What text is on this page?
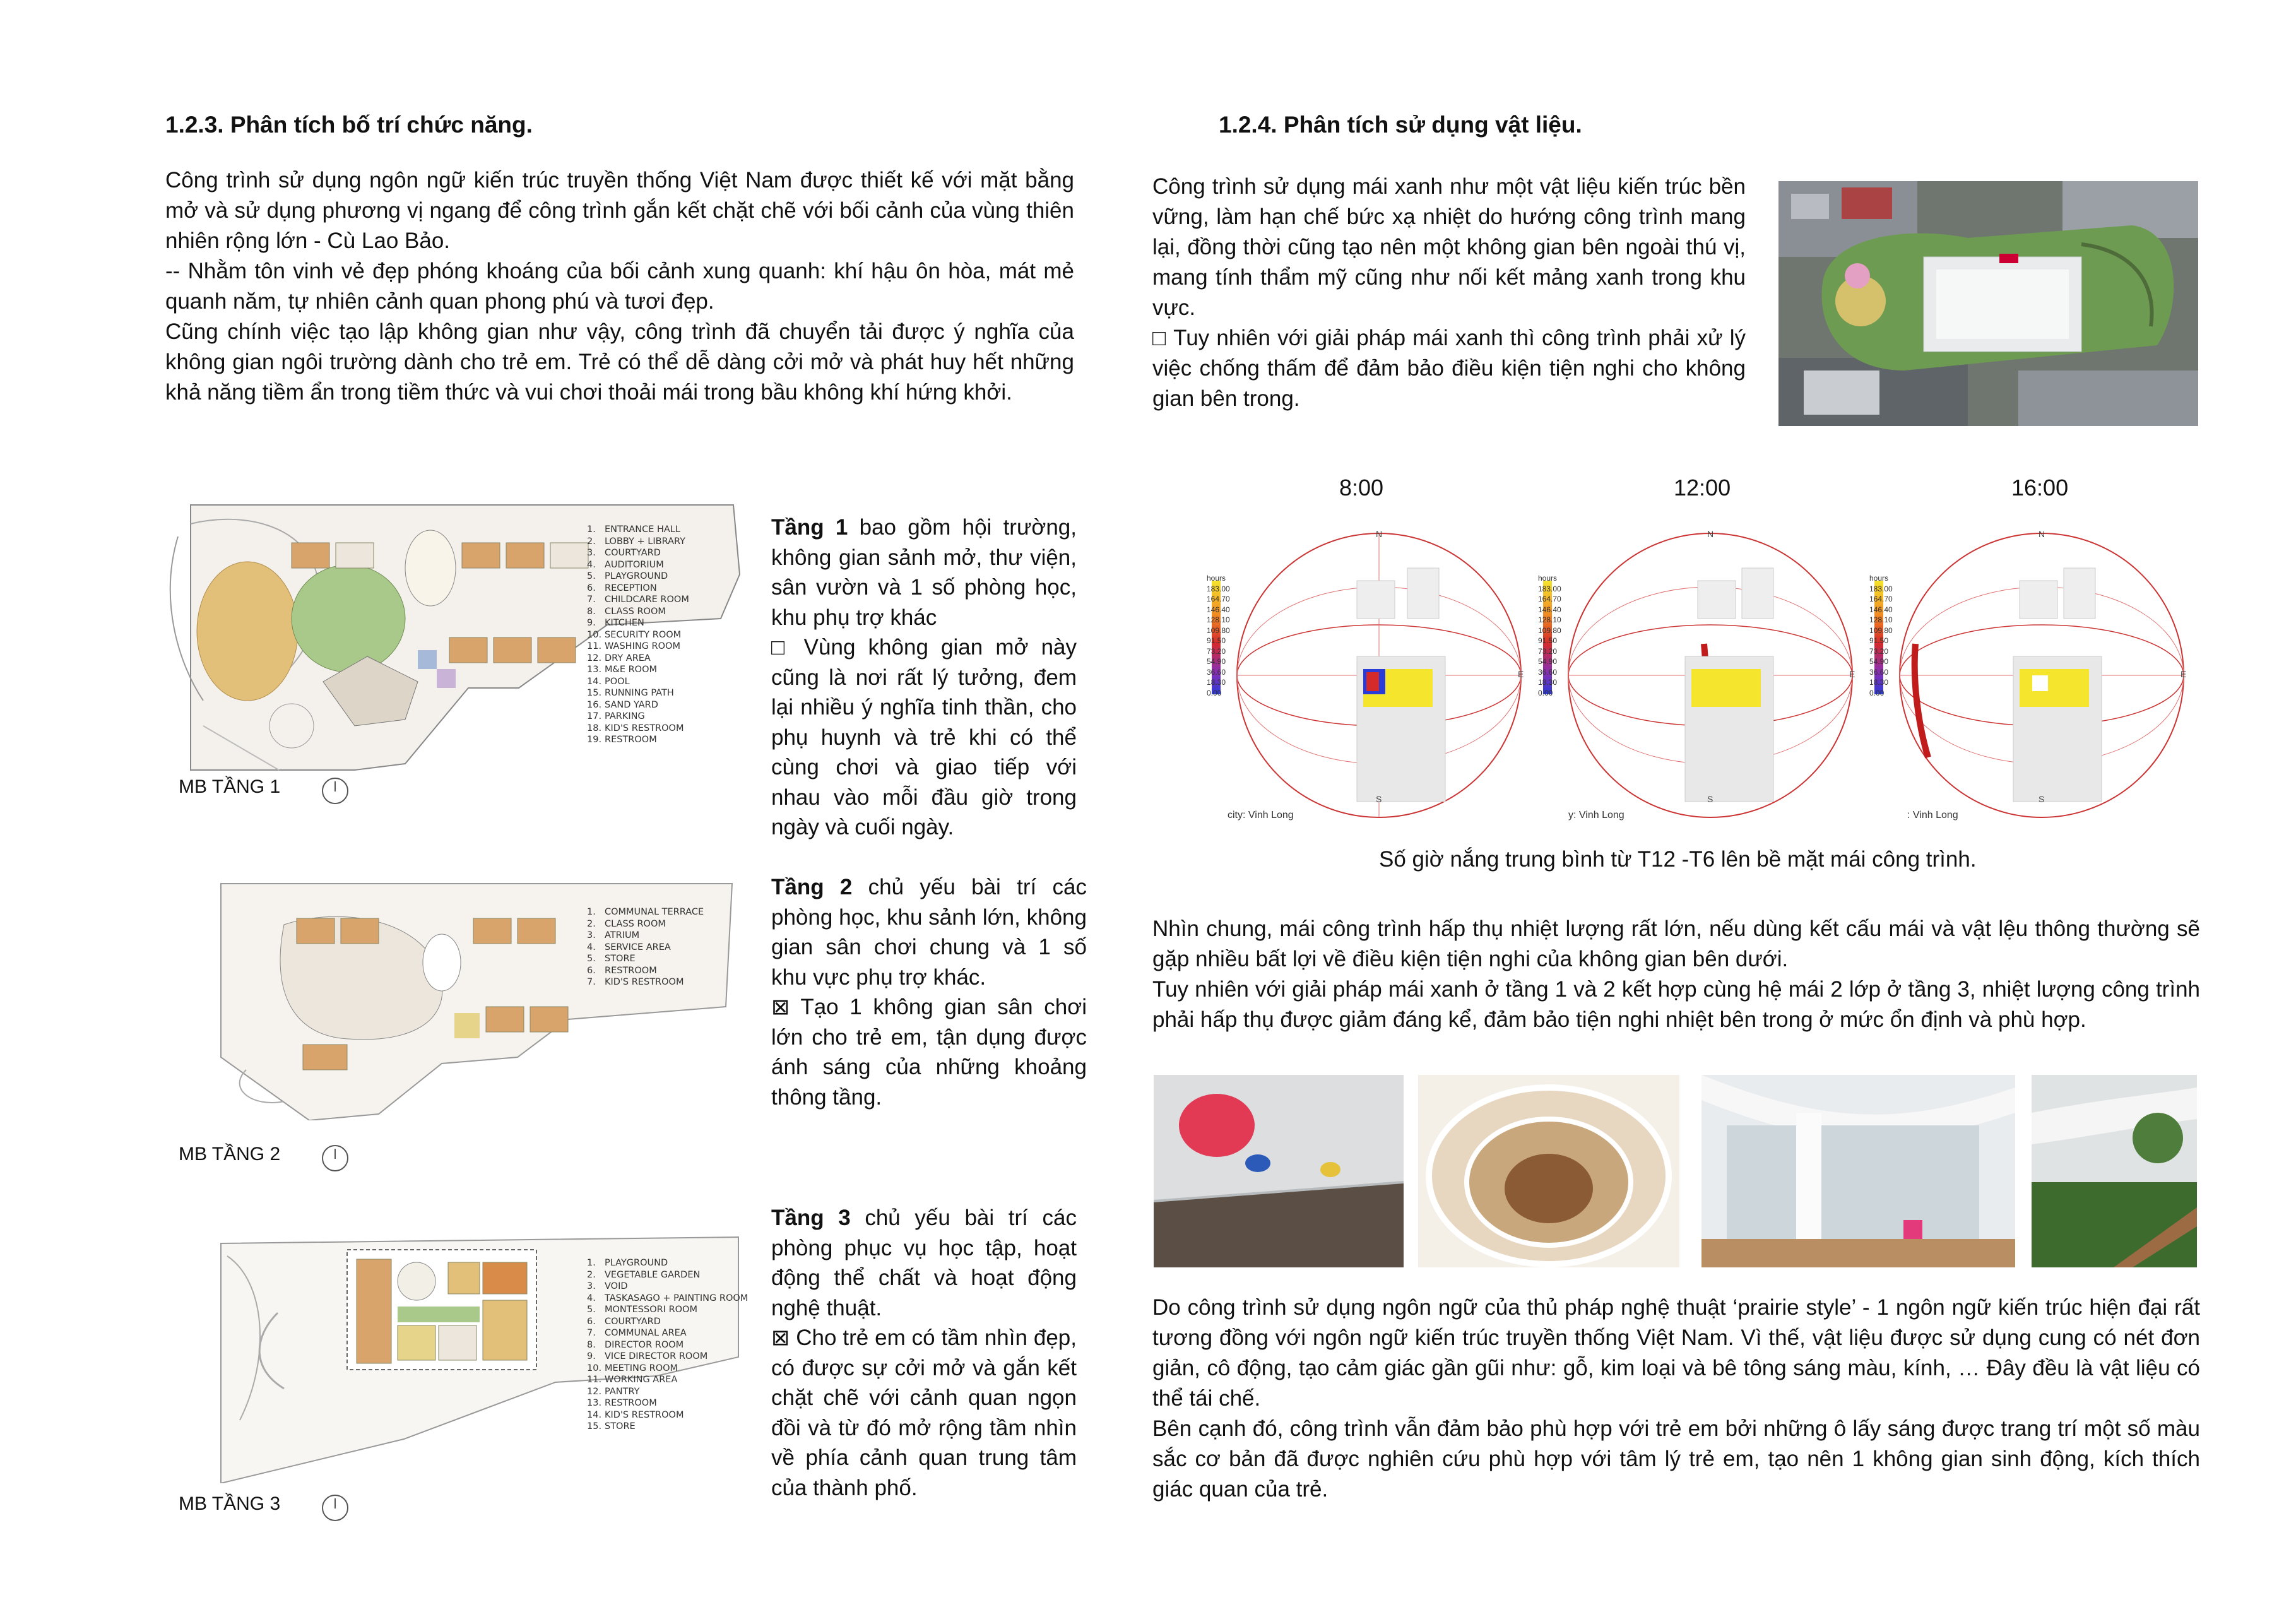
1.2.3. Phân tích bố trí chức năng.

Công trình sử dụng ngôn ngữ kiến trúc truyền thống Việt Nam được thiết kế với mặt bằng mở và sử dụng phương vị ngang để công trình gắn kết chặt chẽ với bối cảnh của vùng thiên nhiên rộng lớn - Cù Lao Bảo.

-- Nhằm tôn vinh vẻ đẹp phóng khoáng của bối cảnh xung quanh: khí hậu ôn hòa, mát mẻ quanh năm, tự nhiên cảnh quan phong phú và tươi đẹp.

Cũng chính việc tạo lập không gian như vậy, công trình đã chuyển tải được ý nghĩa của không gian ngôi trường dành cho trẻ em. Trẻ có thể dễ dàng cởi mở và phát huy hết những khả năng tiềm ẩn trong tiềm thức và vui chơi thoải mái trong bầu không khí hứng khởi.

1. ENTRANCE HALL
2. LOBBY + LIBRARY
3. COURTYARD
4. AUDITORIUM
5. PLAYGROUND
6. RECEPTION
7. CHILDCARE ROOM
8. CLASS ROOM
9. KITCHEN
10. SECURITY ROOM
11. WASHING ROOM
12. DRY AREA
13. M&E ROOM
14. POOL
15. RUNNING PATH
16. SAND YARD
17. PARKING
18. KID'S RESTROOM
19. RESTROOM
MB TẦNG 1
Tầng 1 bao gồm hội trường, không gian sảnh mở, thư viện, sân vườn và 1 số phòng học, khu phụ trợ khác
□ Vùng không gian mở này cũng là nơi rất lý tưởng, đem lại nhiều ý nghĩa tinh thần, cho phụ huynh và trẻ khi có thể cùng chơi và giao tiếp với nhau vào mỗi đầu giờ trong ngày và cuối ngày.
1. COMMUNAL TERRACE
2. CLASS ROOM
3. ATRIUM
4. SERVICE AREA
5. STORE
6. RESTROOM
7. KID'S RESTROOM
MB TẦNG 2
Tầng 2 chủ yếu bài trí các phòng học, khu sảnh lớn, không gian sân chơi chung và 1 số khu vực phụ trợ khác.
⊠ Tạo 1 không gian sân chơi lớn cho trẻ em, tận dụng được ánh sáng của những khoảng thông tầng.
1. PLAYGROUND
2. VEGETABLE GARDEN
3. VOID
4. TASKASAGO + PAINTING ROOM
5. MONTESSORI ROOM
6. COURTYARD
7. COMMUNAL AREA
8. DIRECTOR ROOM
9. VICE DIRECTOR ROOM
10. MEETING ROOM
11. WORKING AREA
12. PANTRY
13. RESTROOM
14. KID'S RESTROOM
15. STORE
MB TẦNG 3
Tầng 3 chủ yếu bài trí các phòng phục vụ học tập, hoạt động thể chất và hoạt động nghệ thuật.
⊠ Cho trẻ em có tầm nhìn đẹp, có được sự cởi mở và gắn kết chặt chẽ với cảnh quan ngọn đồi và từ đó mở rộng tầm nhìn về phía cảnh quan trung tâm của thành phố.
1.2.4. Phân tích sử dụng vật liệu.

Công trình sử dụng mái xanh như một vật liệu kiến trúc bền vững, làm hạn chế bức xạ nhiệt do hướng công trình mang lại, đồng thời cũng tạo nên một không gian bên ngoài thú vị, mang tính thẩm mỹ cũng như nối kết mảng xanh trong khu vực.

□ Tuy nhiên với giải pháp mái xanh thì công trình phải xử lý việc chống thấm để đảm bảo điều kiện tiện nghi cho không gian bên trong.

8:00	12:00	16:00
hours
183.00
164.70
146.40
128.10
109.80
91.50
73.20
54.90
36.60
18.30
0.00
hours
183.00
164.70
146.40
128.10
109.80
91.50
73.20
54.90
36.60
18.30
0.00
hours
183.00
164.70
146.40
128.10
109.80
91.50
73.20
54.90
36.60
18.30
0.00
city: Vinh Long	y: Vinh Long	: Vinh Long
N
S
E
N
S
E
N
S
E
Số giờ nắng trung bình từ T12 -T6 lên bề mặt mái công trình.

Nhìn chung, mái công trình hấp thụ nhiệt lượng rất lớn, nếu dùng kết cấu mái và vật lệu thông thường sẽ gặp nhiều bất lợi về điều kiện tiện nghi của không gian bên dưới.

Tuy nhiên với giải pháp mái xanh ở tầng 1 và 2 kết hợp cùng hệ mái 2 lớp ở tầng 3, nhiệt lượng công trình phải hấp thụ được giảm đáng kể, đảm bảo tiện nghi nhiệt bên trong ở mức ổn định và phù hợp.

Do công trình sử dụng ngôn ngữ của thủ pháp nghệ thuật ‘prairie style’ - 1 ngôn ngữ kiến trúc hiện đại rất tương đồng với ngôn ngữ kiến trúc truyền thống Việt Nam. Vì thế, vật liệu được sử dụng cung có nét đơn giản, cô động, tạo cảm giác gần gũi như: gỗ, kim loại và bê tông sáng màu, kính, … Đây đều là vật liệu có thể tái chế.

Bên cạnh đó, công trình vẫn đảm bảo phù hợp với trẻ em bởi những ô lấy sáng được trang trí một số màu sắc cơ bản đã được nghiên cứu phù hợp với tâm lý trẻ em, tạo nên 1 không gian sinh động, kích thích giác quan của trẻ.
